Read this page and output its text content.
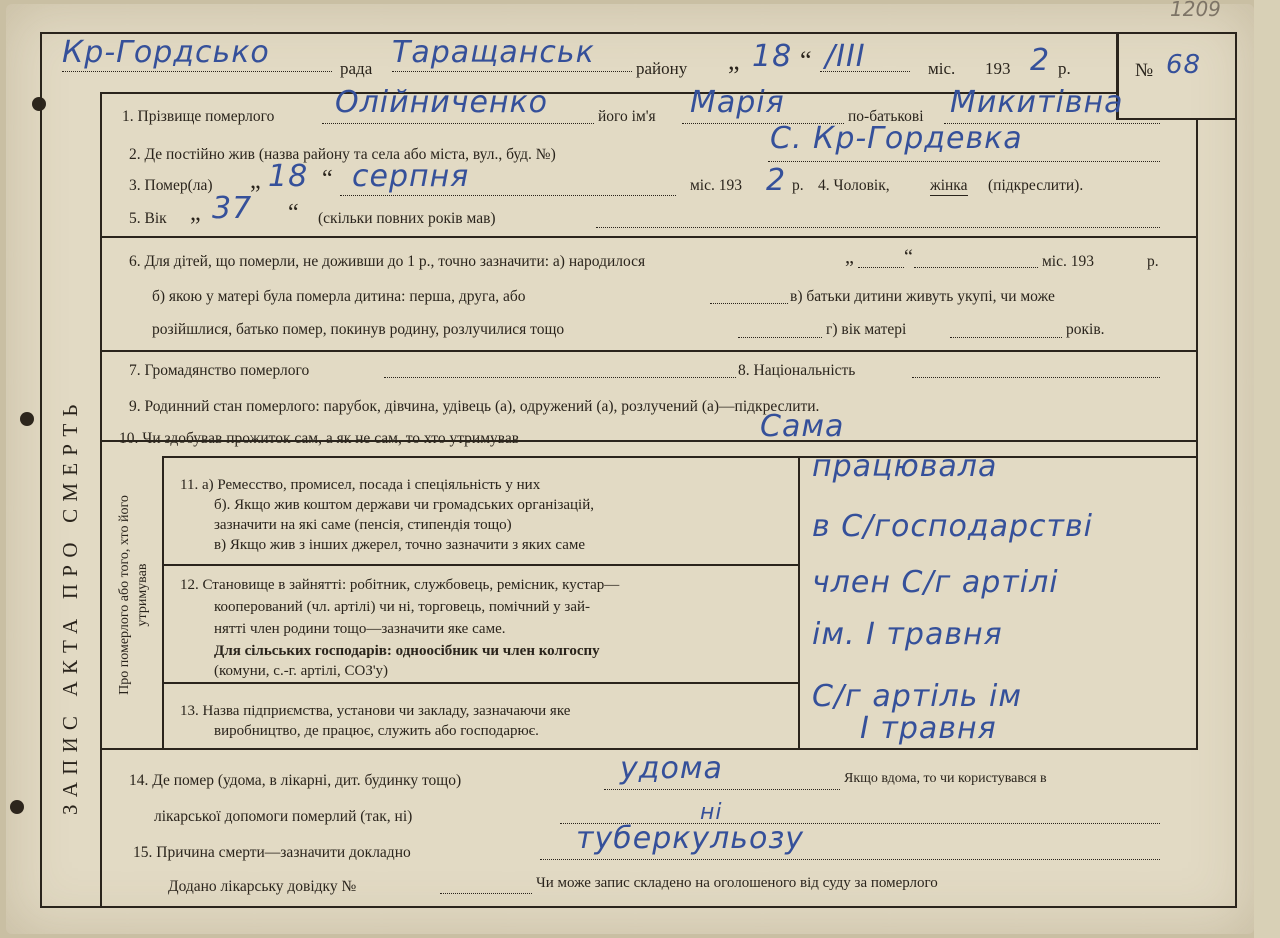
1209
Кр-Гордсько	рада Таращанськ району „ 18 “ /III	міс. 193 2 р.	№ 68
ЗАПИС АКТА ПРО СМЕРТЬ	Про померлого або того, хто його утримував
1. Прізвище померлого Олійниченко	його ім'я Марія	по-батькові Микитівна
2. Де постійно жив (назва району та села або міста, вул., буд. №)	С. Кр-Гордевка
3. Помер(ла) „ 18 “ серпня	міс. 193 2 р. 4. Чоловік,	жінка (підкреслити).
5. Вік „ 37 “ (скільки повних років мав)
6. Для дітей, що померли, не доживши до 1 р., точно зазначити: а) народилося	„	“	міс. 193	р.
б) якою у матері була померла дитина: перша, друга, або	в) батьки дитини живуть укупі, чи може
розійшлися, батько помер, покинув родину, розлучилися тощо	г) вік матері	років.
7. Громадянство померлого	8. Національність
9. Родинний стан померлого: парубок, дівчина, удівець (а), одружений (а), розлучений (а)—підкреслити.
10. Чи здобував прожиток сам, а як не сам, то хто утримував	Сама
11. а) Ремесство, промисел, посада і спеціяльність у них
б). Якщо жив коштом держави чи громадських організацій,
зазначити на які саме (пенсія, стипендія тощо)
в) Якщо жив з інших джерел, точно зазначити з яких саме
працювала
в С/господарстві
12. Становище в зайнятті: робітник, службовець, ремісник, кустар—
кооперований (чл. артілі) чи ні, торговець, помічний у зай-
нятті член родини тощо—зазначити яке саме.
Для сільських господарів: одноосібник чи член колгоспу
(комуни, с.-г. артілі, СОЗ'у)
член С/г артілі
ім. І травня
13. Назва підприємства, установи чи закладу, зазначаючи яке
виробництво, де працює, служить або господарює.
С/г артіль ім
І травня
14. Де помер (удома, в лікарні, дит. будинку тощо)	удома	Якщо вдома, то чи користувався в
лікарської допомоги померлий (так, ні)	ні
15. Причина смерти—зазначити докладно	туберкульозу
Додано лікарську довідку №	Чи може запис складено на оголошеного від суду за померлого
